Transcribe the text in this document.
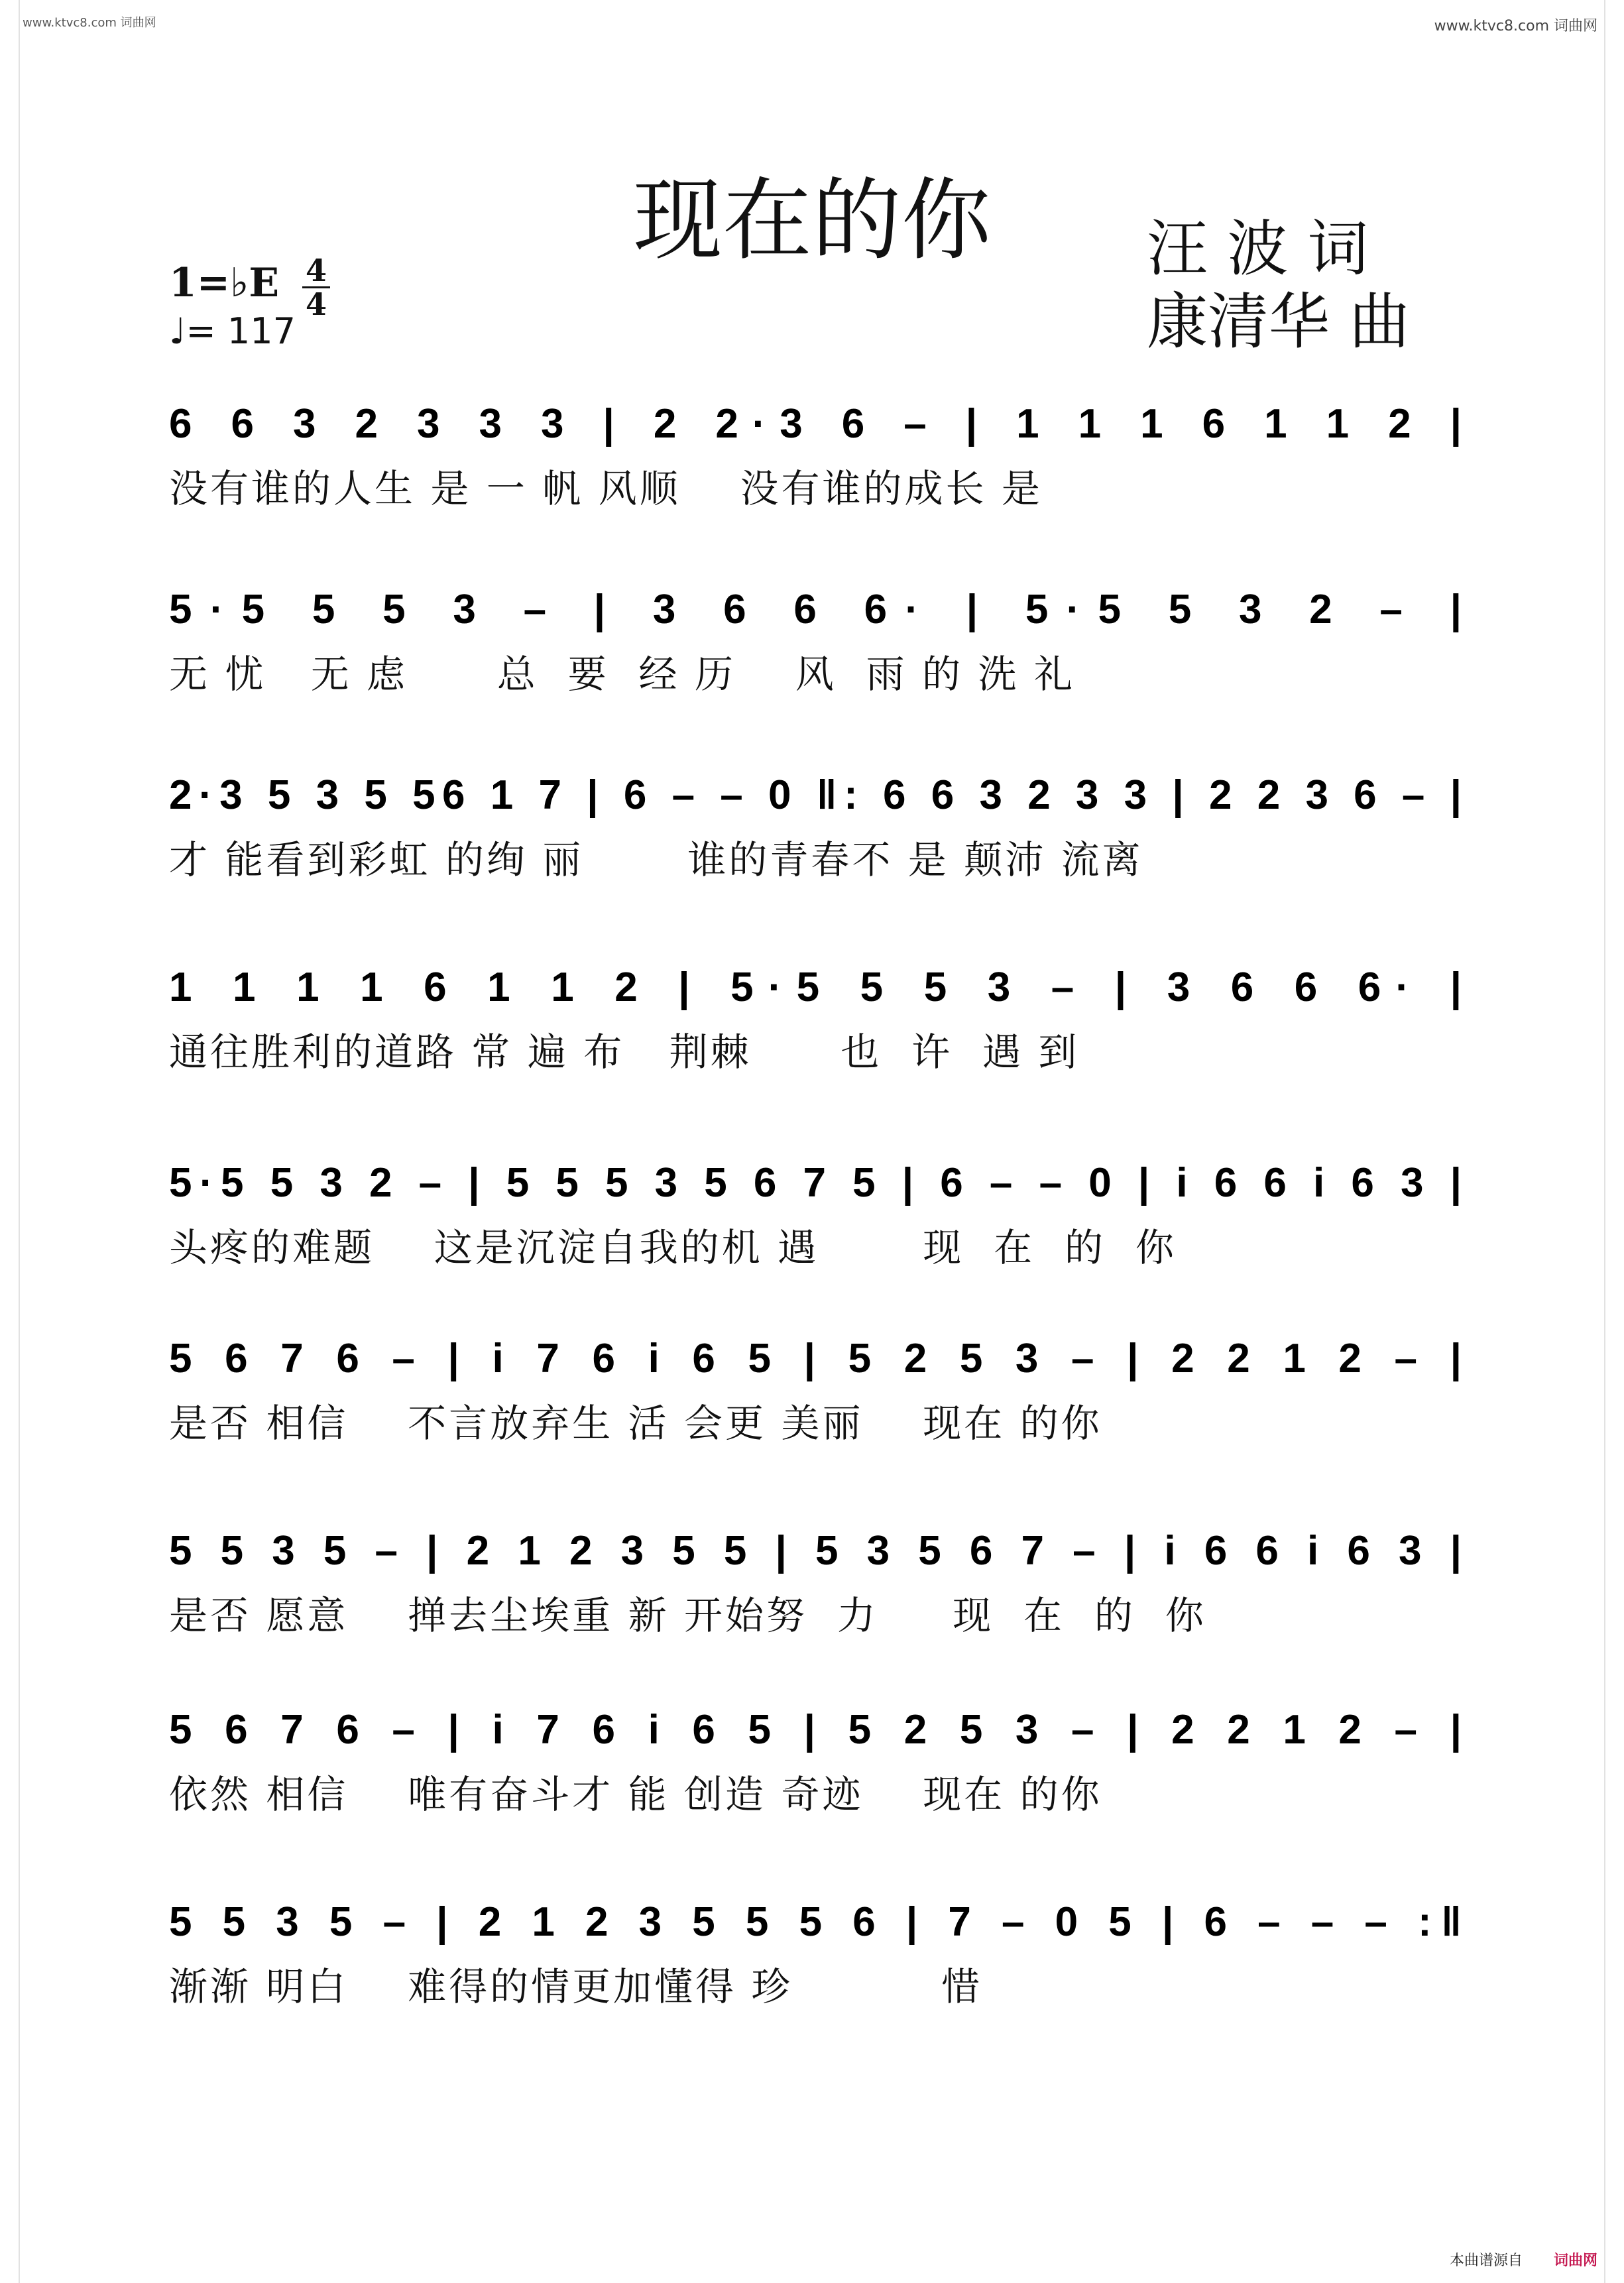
www.ktvc8.com 词曲网	www.ktvc8.com 词曲网
本曲谱源自 词曲网
现在的你	汪 波 词
康清华 曲
1=♭E 4
4
♩= 117
6 6 3 2 3 3 3 | 2 2·3 6 – | 1 1 1 6 1 1 2 |
没有谁的人生 是 一 帆 风顺    没有谁的成长 是
5·5 5 5 3 – | 3 6 6 6· | 5·5 5 3 2 – |
无 忧   无 虑      总  要  经 历    风  雨 的 洗 礼
2·3 5 3 5 56 1 7 | 6 – – 0 ‖: 6 6 3 2 3 3 | 2 2 3 6 – |
才 能看到彩虹 的绚 丽       谁的青春不 是 颠沛 流离
1 1 1 1 6 1 1 2 | 5·5 5 5 3 – | 3 6 6 6· |
通往胜利的道路 常 遍 布   荆棘      也  许  遇 到
5·5 5 3 2 – | 5 5 5 3 5 6 7 5 | 6 – – 0 | i 6 6 i 6 3 |
头疼的难题    这是沉淀自我的机 遇       现  在  的  你
5 6 7 6 – | i 7 6 i 6 5 | 5 2 5 3 – | 2 2 1 2 – |
是否 相信    不言放弃生 活 会更 美丽    现在 的你
5 5 3 5 – | 2 1 2 3 5 5 | 5 3 5 6 7 – | i 6 6 i 6 3 |
是否 愿意    掸去尘埃重 新 开始努  力     现  在  的  你
5 6 7 6 – | i 7 6 i 6 5 | 5 2 5 3 – | 2 2 1 2 – |
依然 相信    唯有奋斗才 能 创造 奇迹    现在 的你
5 5 3 5 – | 2 1 2 3 5 5 5 6 | 7 – 0 5 | 6 – – – :‖
渐渐 明白    难得的情更加懂得 珍          惜
